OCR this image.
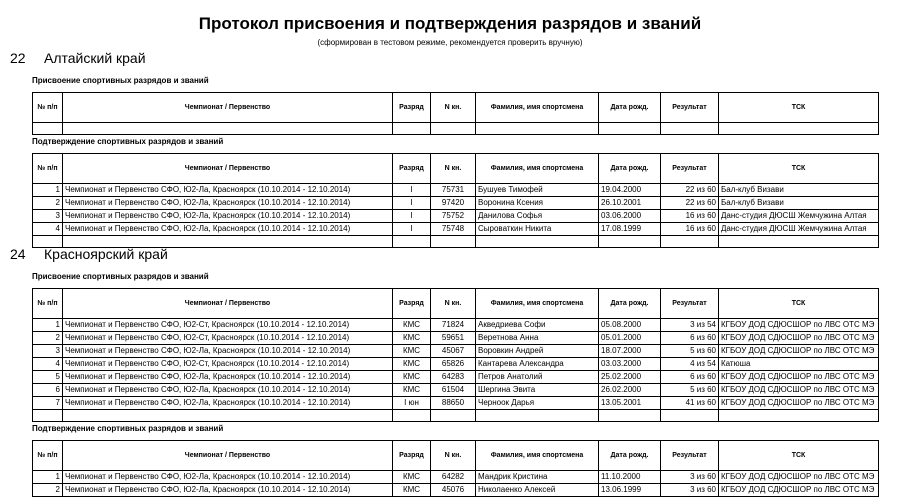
Протокол присвоения и подтверждения разрядов и званий
(сформирован в тестовом режиме, рекомендуется проверить вручную)
22 Алтайский край
Присвоение спортивных разрядов и званий
№ п/п	Чемпионат / Первенство	Разряд	N кн.	Фамилия, имя спортсмена	Дата рожд.	Результат	ТСК

Подтверждение спортивных разрядов и званий
№ п/п	Чемпионат / Первенство	Разряд	N кн.	Фамилия, имя спортсмена	Дата рожд.	Результат	ТСК
1	Чемпионат и Первенство СФО, Ю2-Ла, Красноярск (10.10.2014 - 12.10.2014)	I	75731	Бушуев Тимофей	19.04.2000	22 из 60	Бал-клуб Визави
2	Чемпионат и Первенство СФО, Ю2-Ла, Красноярск (10.10.2014 - 12.10.2014)	I	97420	Воронина Ксения	26.10.2001	22 из 60	Бал-клуб Визави
3	Чемпионат и Первенство СФО, Ю2-Ла, Красноярск (10.10.2014 - 12.10.2014)	I	75752	Данилова Софья	03.06.2000	16 из 60	Данс-студия ДЮСШ Жемчужина Алтая
4	Чемпионат и Первенство СФО, Ю2-Ла, Красноярск (10.10.2014 - 12.10.2014)	I	75748	Сыроваткин Никита	17.08.1999	16 из 60	Данс-студия ДЮСШ Жемчужина Алтая

24 Красноярский край
Присвоение спортивных разрядов и званий
№ п/п	Чемпионат / Первенство	Разряд	N кн.	Фамилия, имя спортсмена	Дата рожд.	Результат	ТСК
1	Чемпионат и Первенство СФО, Ю2-Ст, Красноярск (10.10.2014 - 12.10.2014)	КМС	71824	Акведриева Софи	05.08.2000	3 из 54	КГБОУ ДОД СДЮСШОР по ЛВС ОТС МЭ
2	Чемпионат и Первенство СФО, Ю2-Ст, Красноярск (10.10.2014 - 12.10.2014)	КМС	59651	Веретнова Анна	05.01.2000	6 из 60	КГБОУ ДОД СДЮСШОР по ЛВС ОТС МЭ
3	Чемпионат и Первенство СФО, Ю2-Ла, Красноярск (10.10.2014 - 12.10.2014)	КМС	45067	Воровкин Андрей	18.07.2000	5 из 60	КГБОУ ДОД СДЮСШОР по ЛВС ОТС МЭ
4	Чемпионат и Первенство СФО, Ю2-Ст, Красноярск (10.10.2014 - 12.10.2014)	КМС	65826	Кантарева Александра	03.03.2000	4 из 54	Катюша
5	Чемпионат и Первенство СФО, Ю2-Ла, Красноярск (10.10.2014 - 12.10.2014)	КМС	64283	Петров Анатолий	25.02.2000	6 из 60	КГБОУ ДОД СДЮСШОР по ЛВС ОТС МЭ
6	Чемпионат и Первенство СФО, Ю2-Ла, Красноярск (10.10.2014 - 12.10.2014)	КМС	61504	Шергина Эвита	26.02.2000	5 из 60	КГБОУ ДОД СДЮСШОР по ЛВС ОТС МЭ
7	Чемпионат и Первенство СФО, Ю2-Ла, Красноярск (10.10.2014 - 12.10.2014)	I юн	88650	Черноок Дарья	13.05.2001	41 из 60	КГБОУ ДОД СДЮСШОР по ЛВС ОТС МЭ

Подтверждение спортивных разрядов и званий
№ п/п	Чемпионат / Первенство	Разряд	N кн.	Фамилия, имя спортсмена	Дата рожд.	Результат	ТСК
1	Чемпионат и Первенство СФО, Ю2-Ла, Красноярск (10.10.2014 - 12.10.2014)	КМС	64282	Мандрик Кристина	11.10.2000	3 из 60	КГБОУ ДОД СДЮСШОР по ЛВС ОТС МЭ
2	Чемпионат и Первенство СФО, Ю2-Ла, Красноярск (10.10.2014 - 12.10.2014)	КМС	45076	Николаенко Алексей	13.06.1999	3 из 60	КГБОУ ДОД СДЮСШОР по ЛВС ОТС МЭ
